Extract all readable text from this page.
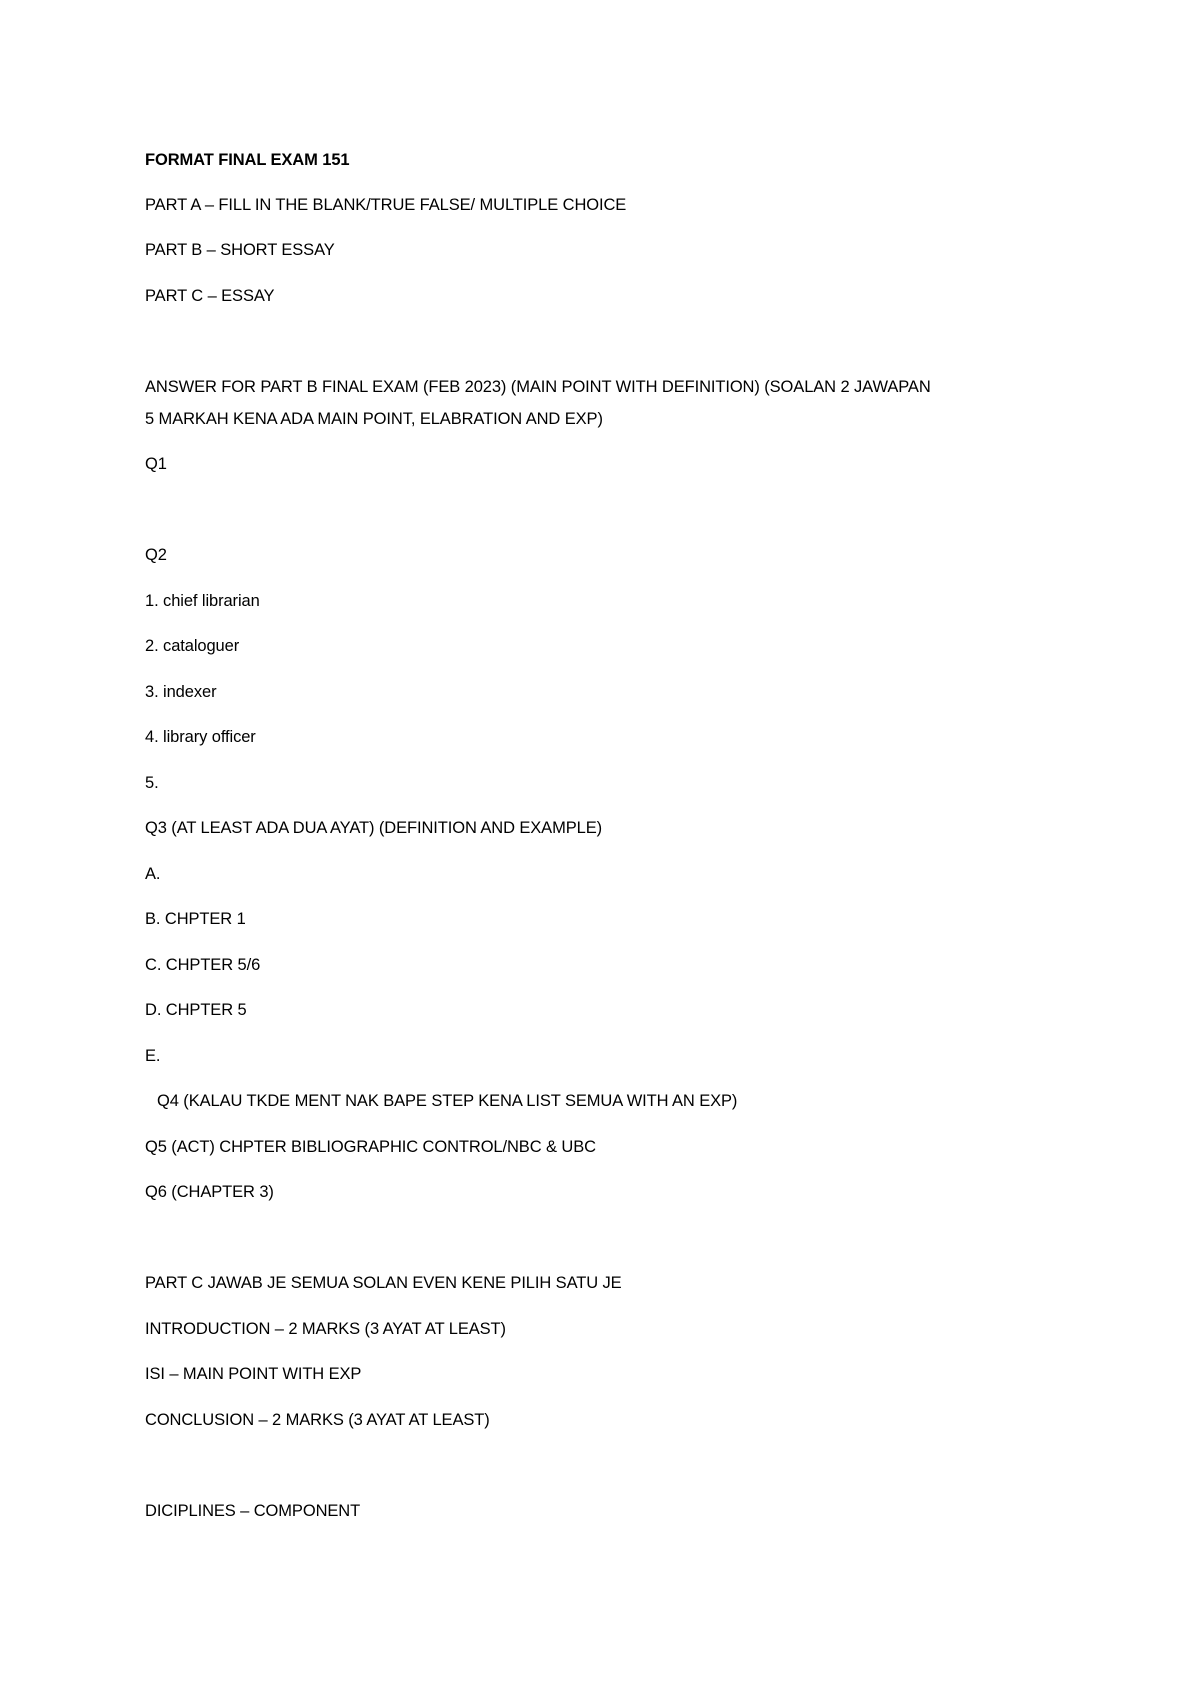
FORMAT FINAL EXAM 151
PART A – FILL IN THE BLANK/TRUE FALSE/ MULTIPLE CHOICE
PART B – SHORT ESSAY
PART C – ESSAY
ANSWER FOR PART B FINAL EXAM (FEB 2023) (MAIN POINT WITH DEFINITION) (SOALAN 2 JAWAPAN
5 MARKAH KENA ADA MAIN POINT, ELABRATION AND EXP)
Q1
Q2
1. chief librarian
2. cataloguer
3. indexer
4. library officer
5.
Q3 (AT LEAST ADA DUA AYAT) (DEFINITION AND EXAMPLE)
A.
B. CHPTER 1
C. CHPTER 5/6
D. CHPTER 5
E.
Q4 (KALAU TKDE MENT NAK BAPE STEP KENA LIST SEMUA WITH AN EXP)
Q5 (ACT) CHPTER BIBLIOGRAPHIC CONTROL/NBC & UBC
Q6 (CHAPTER 3)
PART C JAWAB JE SEMUA SOLAN EVEN KENE PILIH SATU JE
INTRODUCTION – 2 MARKS (3 AYAT AT LEAST)
ISI – MAIN POINT WITH EXP
CONCLUSION – 2 MARKS (3 AYAT AT LEAST)
DICIPLINES – COMPONENT
